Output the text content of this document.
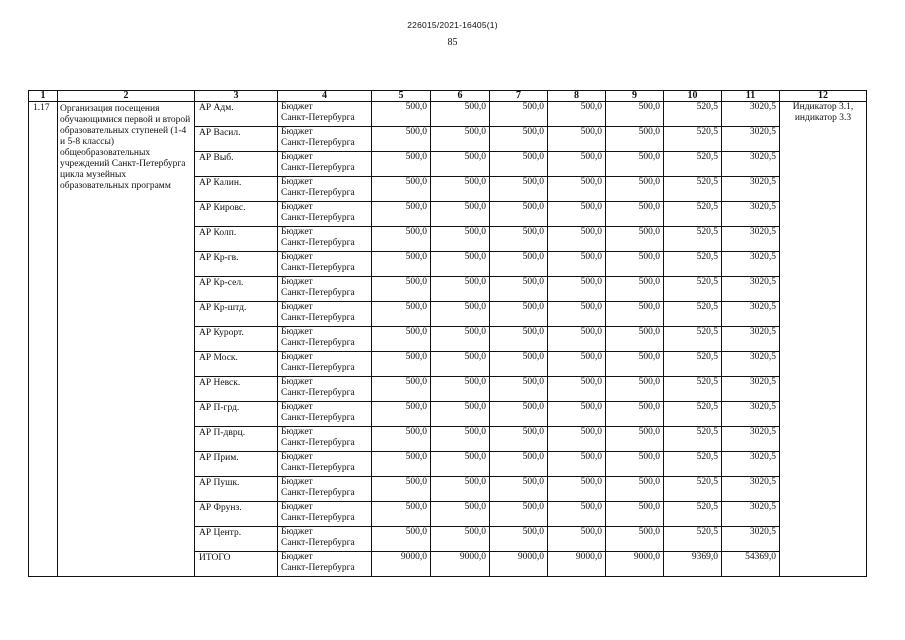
226015/2021-16405(1)
85
1	2	3	4	5	6	7	8	9	10	11	12
1.17	Организация посещения обучающимися первой и второй образовательных ступеней (1-4 и 5-8 классы) общеобразовательных учреждений Санкт-Петербурга цикла музейных образовательных программ	АР Адм.	Бюджет
Санкт-Петербурга	500,0	500,0	500,0	500,0	500,0	520,5	3020,5	Индикатор 3.1, индикатор 3.3
		АР Васил.	Бюджет
Санкт-Петербурга	500,0	500,0	500,0	500,0	500,0	520,5	3020,5	
		АР Выб.	Бюджет
Санкт-Петербурга	500,0	500,0	500,0	500,0	500,0	520,5	3020,5	
		АР Калин.	Бюджет
Санкт-Петербурга	500,0	500,0	500,0	500,0	500,0	520,5	3020,5	
		АР Кировс.	Бюджет
Санкт-Петербурга	500,0	500,0	500,0	500,0	500,0	520,5	3020,5	
		АР Колп.	Бюджет
Санкт-Петербурга	500,0	500,0	500,0	500,0	500,0	520,5	3020,5	
		АР Кр-гв.	Бюджет
Санкт-Петербурга	500,0	500,0	500,0	500,0	500,0	520,5	3020,5	
		АР Кр-сел.	Бюджет
Санкт-Петербурга	500,0	500,0	500,0	500,0	500,0	520,5	3020,5	
		АР Кр-штд.	Бюджет
Санкт-Петербурга	500,0	500,0	500,0	500,0	500,0	520,5	3020,5	
		АР Курорт.	Бюджет
Санкт-Петербурга	500,0	500,0	500,0	500,0	500,0	520,5	3020,5	
		АР Моск.	Бюджет
Санкт-Петербурга	500,0	500,0	500,0	500,0	500,0	520,5	3020,5	
		АР Невск.	Бюджет
Санкт-Петербурга	500,0	500,0	500,0	500,0	500,0	520,5	3020,5	
		АР П-грд.	Бюджет
Санкт-Петербурга	500,0	500,0	500,0	500,0	500,0	520,5	3020,5	
		АР П-дврц.	Бюджет
Санкт-Петербурга	500,0	500,0	500,0	500,0	500,0	520,5	3020,5	
		АР Прим.	Бюджет
Санкт-Петербурга	500,0	500,0	500,0	500,0	500,0	520,5	3020,5	
		АР Пушк.	Бюджет
Санкт-Петербурга	500,0	500,0	500,0	500,0	500,0	520,5	3020,5	
		АР Фрунз.	Бюджет
Санкт-Петербурга	500,0	500,0	500,0	500,0	500,0	520,5	3020,5	
		АР Центр.	Бюджет
Санкт-Петербурга	500,0	500,0	500,0	500,0	500,0	520,5	3020,5	
		ИТОГО	Бюджет
Санкт-Петербурга	9000,0	9000,0	9000,0	9000,0	9000,0	9369,0	54369,0	
